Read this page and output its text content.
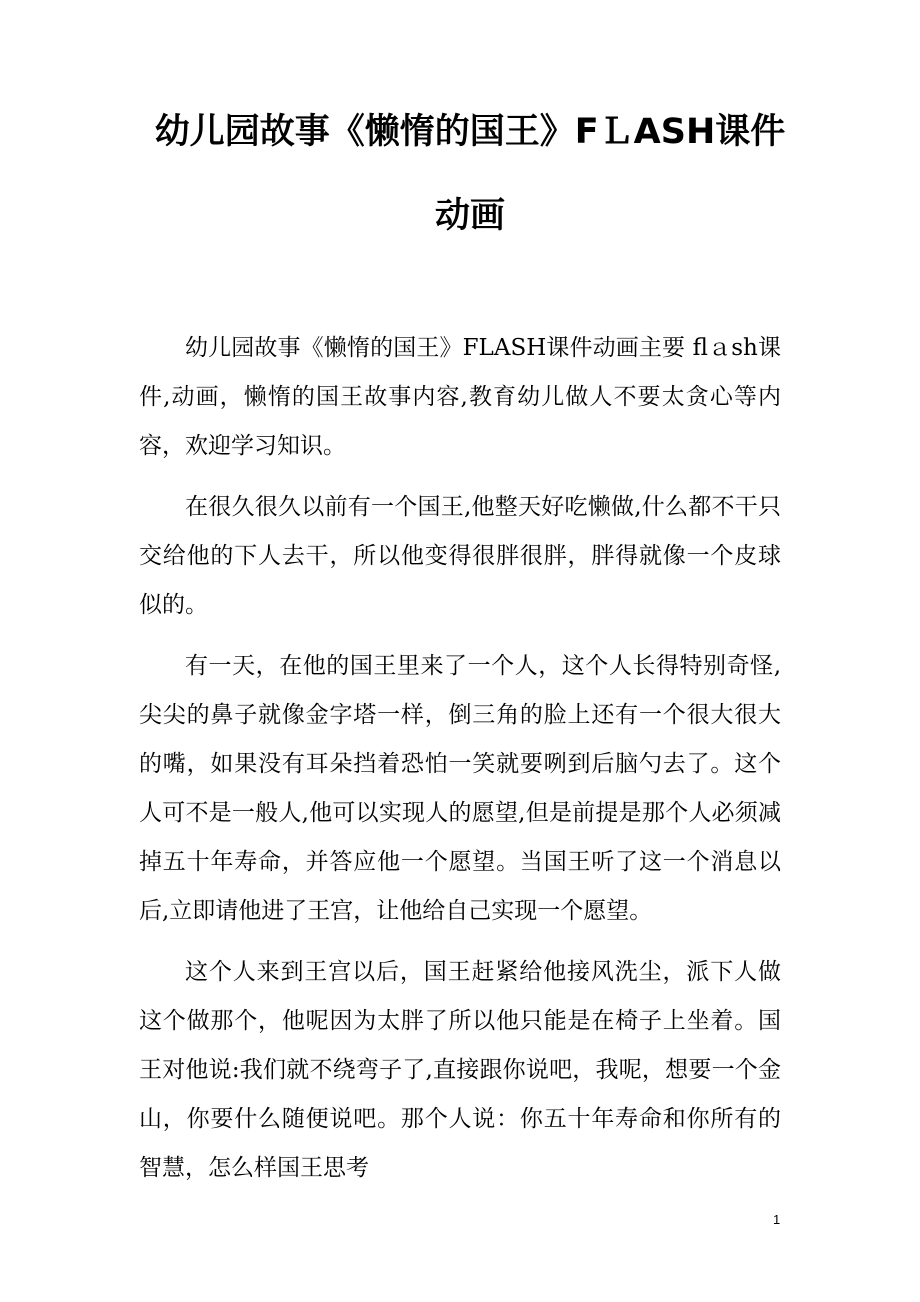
幼儿园故事《懒惰的国王》FＬASH课件
动画

幼儿园故事《懒惰的国王》FLASH课件动画主要 flａsh课件,动画，懒惰的国王故事内容,教育幼儿做人不要太贪心等内容，欢迎学习知识。

在很久很久以前有一个国王,他整天好吃懒做,什么都不干只交给他的下人去干，所以他变得很胖很胖，胖得就像一个皮球似的。

有一天，在他的国王里来了一个人，这个人长得特别奇怪,尖尖的鼻子就像金字塔一样，倒三角的脸上还有一个很大很大的嘴，如果没有耳朵挡着恐怕一笑就要咧到后脑勺去了。这个人可不是一般人,他可以实现人的愿望,但是前提是那个人必须减掉五十年寿命，并答应他一个愿望。当国王听了这一个消息以后,立即请他进了王宫，让他给自己实现一个愿望。

这个人来到王宫以后，国王赶紧给他接风洗尘，派下人做这个做那个，他呢因为太胖了所以他只能是在椅子上坐着。国王对他说:我们就不绕弯子了,直接跟你说吧，我呢，想要一个金山，你要什么随便说吧。那个人说：你五十年寿命和你所有的智慧，怎么样国王思考

1
